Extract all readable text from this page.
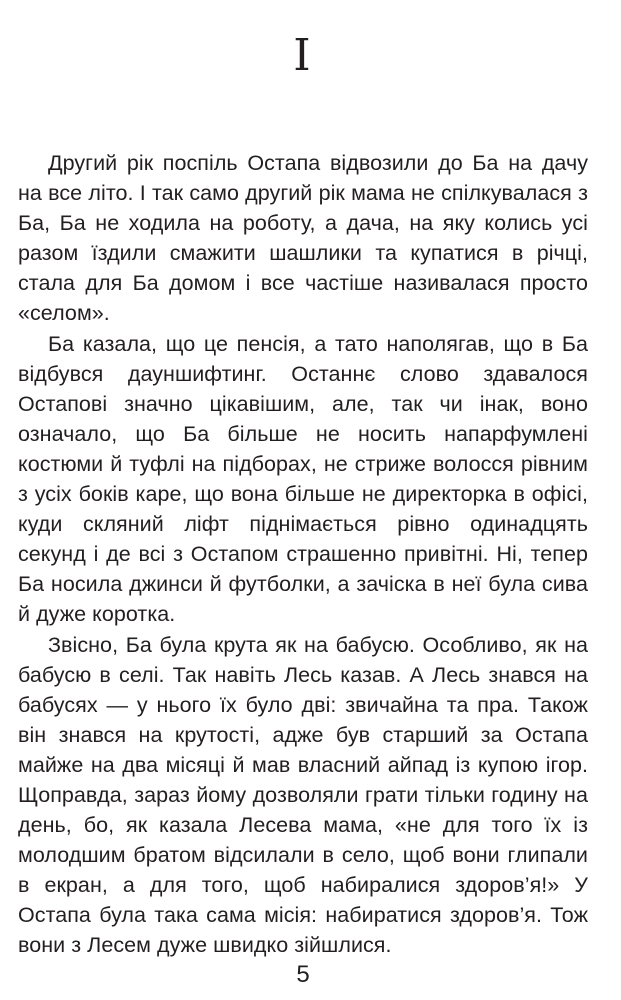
I

Другий рік поспіль Остапа відвозили до Ба на дачу на все літо. І так само другий рік мама не спілкувалася з Ба, Ба не ходила на роботу, а дача, на яку колись усі разом їздили смажити шашлики та купатися в річці, стала для Ба домом і все частіше називалася просто «селом».

Ба казала, що це пенсія, а тато наполягав, що в Ба відбувся дауншифтинг. Останнє слово здавалося Остапові значно цікавішим, але, так чи інак, воно означало, що Ба більше не носить напарфумлені костюми й туфлі на підборах, не стриже волосся рівним з усіх боків каре, що вона більше не директорка в офісі, куди скляний ліфт піднімається рівно одинадцять секунд і де всі з Остапом страшенно привітні. Ні, тепер Ба носила джинси й футболки, а зачіска в неї була сива й дуже коротка.

Звісно, Ба була крута як на бабусю. Особливо, як на бабусю в селі. Так навіть Лесь казав. А Лесь знався на бабусях — у нього їх було дві: звичайна та пра. Також він знався на крутості, адже був старший за Остапа майже на два місяці й мав власний айпад із купою ігор. Щоправда, зараз йому дозволяли грати тільки годину на день, бо, як казала Лесева мама, «не для того їх із молодшим братом відсилали в село, щоб вони глипали в екран, а для того, щоб набиралися здоров’я!» У Остапа була така сама місія: набиратися здоров’я. Тож вони з Лесем дуже швидко зійшлися.

5
